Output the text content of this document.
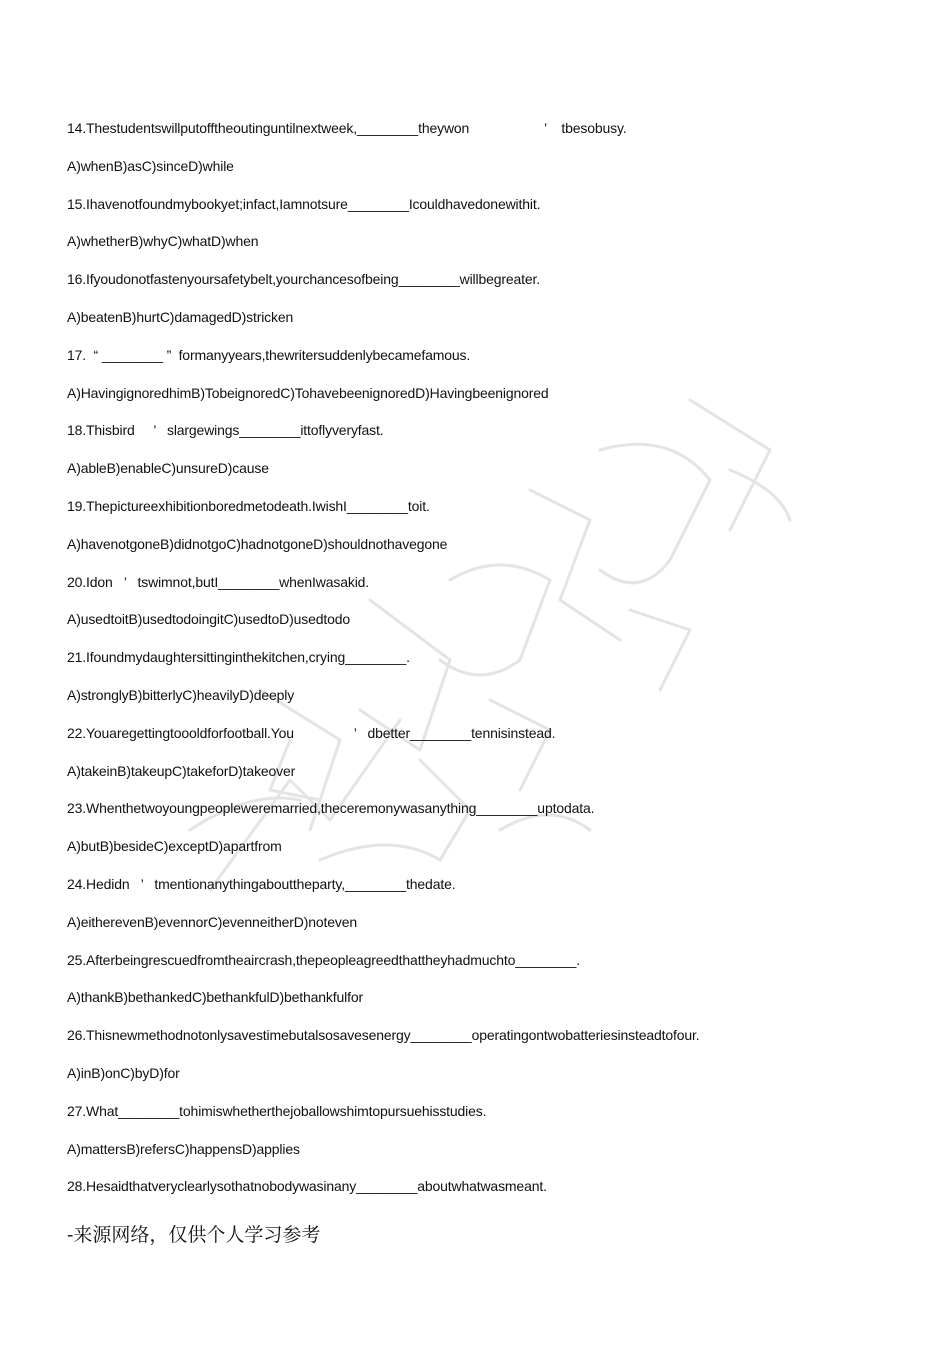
14.Thestudentswillputofftheoutinguntilnextweek,________theywon                    ’    tbesobusy.
A)whenB)asC)sinceD)while
15.Ihavenotfoundmybookyet;infact,Iamnotsure________Icouldhavedonewithit.
A)whetherB)whyC)whatD)when
16.Ifyoudonotfastenyoursafetybelt,yourchancesofbeing________willbegreater.
A)beatenB)hurtC)damagedD)stricken
17.  “ ________ ”  formanyyears,thewritersuddenlybecamefamous.
A)HavingignoredhimB)TobeignoredC)TohavebeenignoredD)Havingbeenignored
18.Thisbird     ’   slargewings________ittoflyveryfast.
A)ableB)enableC)unsureD)cause
19.Thepictureexhibitionboredmetodeath.IwishI________toit.
A)havenotgoneB)didnotgoC)hadnotgoneD)shouldnothavegone
20.Idon   ’   tswimnot,butI________whenIwasakid.
A)usedtoitB)usedtodoingitC)usedtoD)usedtodo
21.Ifoundmydaughtersittinginthekitchen,crying________.
A)stronglyB)bitterlyC)heavilyD)deeply
22.Youaregettingtoooldforfootball.You                ’   dbetter________tennisinstead.
A)takeinB)takeupC)takeforD)takeover
23.Whenthetwoyoungpeopleweremarried,theceremonywasanything________uptodata.
A)butB)besideC)exceptD)apartfrom
24.Hedidn   ’   tmentionanythingabouttheparty,________thedate.
A)eitherevenB)evennorC)evenneitherD)noteven
25.Afterbeingrescuedfromtheaircrash,thepeopleagreedthattheyhadmuchto________.
A)thankB)bethankedC)bethankfulD)bethankfulfor
26.Thisnewmethodnotonlysavestimebutalsosavesenergy________operatingontwobatteriesinsteadtofour.
A)inB)onC)byD)for
27.What________tohimiswhetherthejoballowshimtopursuehisstudies.
A)mattersB)refersC)happensD)applies
28.Hesaidthatveryclearlysothatnobodywasinany________aboutwhatwasmeant.
-来源网络，仅供个人学习参考
